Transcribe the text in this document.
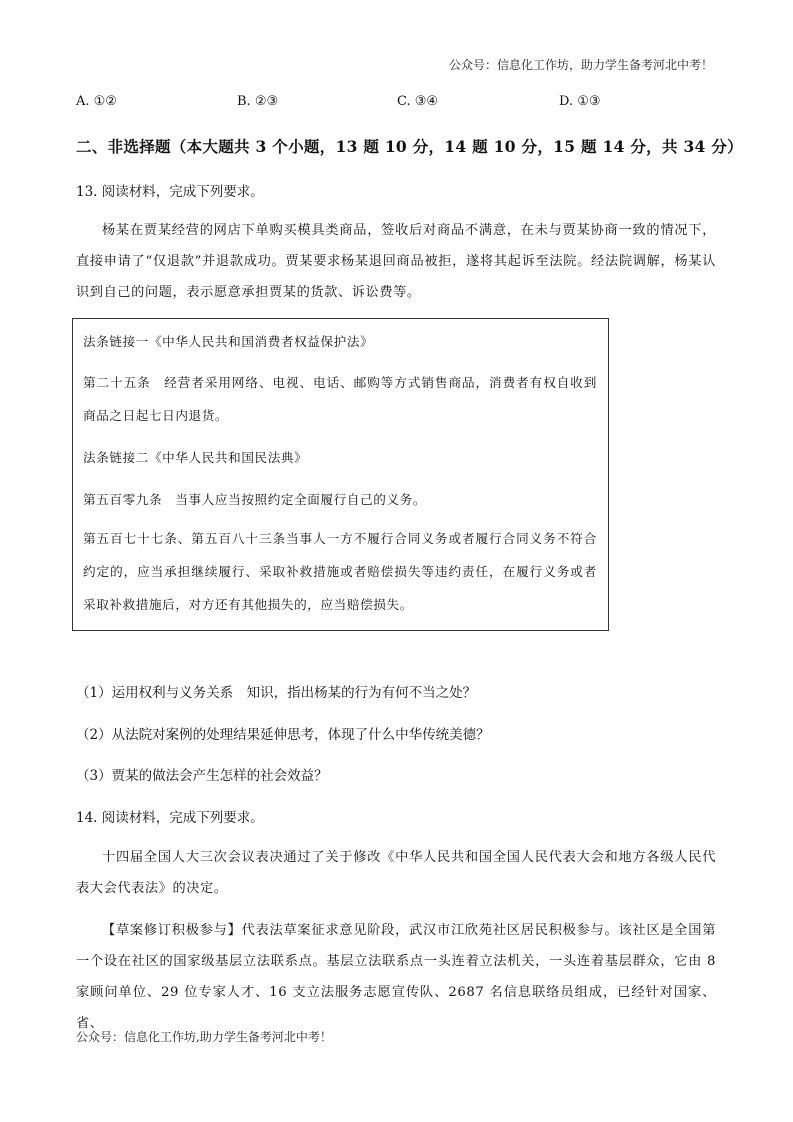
公众号：信息化工作坊，助力学生备考河北中考！
A. ①②	B. ②③	C. ③④	D. ①③
二、非选择题（本大题共 3 个小题，13 题 10 分，14 题 10 分，15 题 14 分，共 34 分）
13. 阅读材料，完成下列要求。
杨某在贾某经营的网店下单购买模具类商品，签收后对商品不满意，在未与贾某协商一致的情况下，直接申请了“仅退款”并退款成功。贾某要求杨某退回商品被拒，遂将其起诉至法院。经法院调解，杨某认识到自己的问题，表示愿意承担贾某的货款、诉讼费等。
法条链接一《中华人民共和国消费者权益保护法》
第二十五条　经营者采用网络、电视、电话、邮购等方式销售商品，消费者有权自收到商品之日起七日内退货。
法条链接二《中华人民共和国民法典》
第五百零九条　当事人应当按照约定全面履行自己的义务。
第五百七十七条、第五百八十三条当事人一方不履行合同义务或者履行合同义务不符合约定的，应当承担继续履行、采取补救措施或者赔偿损失等违约责任，在履行义务或者采取补救措施后，对方还有其他损失的，应当赔偿损失。
（1）运用权利与义务关系　知识，指出杨某的行为有何不当之处？
（2）从法院对案例的处理结果延伸思考，体现了什么中华传统美德？
（3）贾某的做法会产生怎样的社会效益？
14. 阅读材料，完成下列要求。
十四届全国人大三次会议表决通过了关于修改《中华人民共和国全国人民代表大会和地方各级人民代表大会代表法》的决定。
【草案修订积极参与】代表法草案征求意见阶段，武汉市江欣苑社区居民积极参与。该社区是全国第一个设在社区的国家级基层立法联系点。基层立法联系点一头连着立法机关，一头连着基层群众，它由 8 家顾问单位、29 位专家人才、16 支立法服务志愿宣传队、2687 名信息联络员组成，已经针对国家、省、
公众号：信息化工作坊,助力学生备考河北中考！
